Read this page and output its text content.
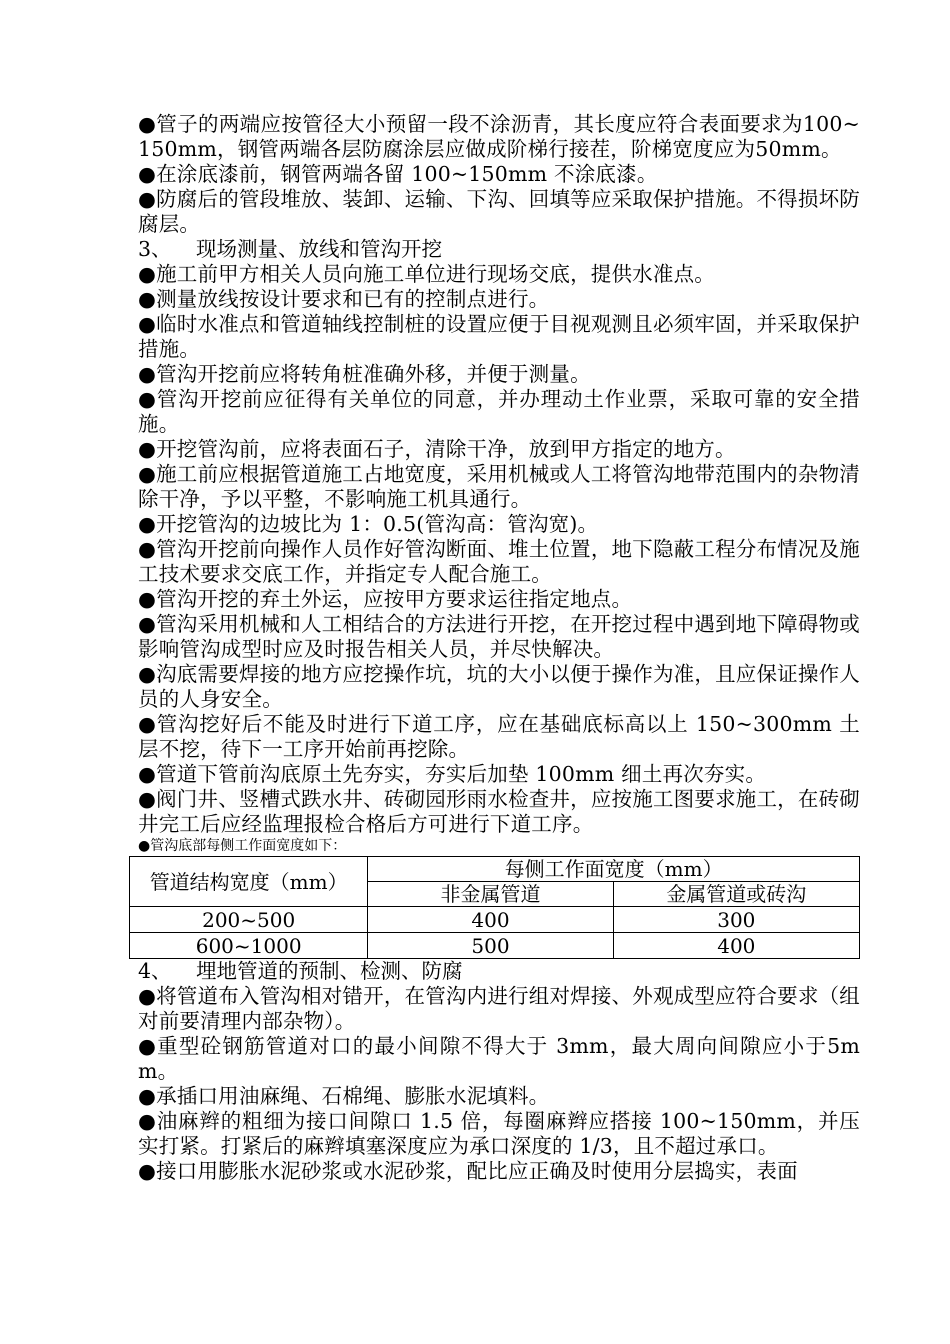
●管子的两端应按管径大小预留一段不涂沥青，其长度应符合表面要求为100~150mm，钢管两端各层防腐涂层应做成阶梯行接茬，阶梯宽度应为50mm。

●在涂底漆前，钢管两端各留 100~150mm 不涂底漆。

●防腐后的管段堆放、装卸、运输、下沟、回填等应采取保护措施。不得损坏防腐层。

3、 现场测量、放线和管沟开挖

●施工前甲方相关人员向施工单位进行现场交底，提供水准点。

●测量放线按设计要求和已有的控制点进行。

●临时水准点和管道轴线控制桩的设置应便于目视观测且必须牢固，并采取保护措施。

●管沟开挖前应将转角桩准确外移，并便于测量。

●管沟开挖前应征得有关单位的同意，并办理动土作业票，采取可靠的安全措施。

●开挖管沟前，应将表面石子，清除干净，放到甲方指定的地方。

●施工前应根据管道施工占地宽度，采用机械或人工将管沟地带范围内的杂物清除干净，予以平整，不影响施工机具通行。

●开挖管沟的边坡比为 1：0.5(管沟高：管沟宽)。

●管沟开挖前向操作人员作好管沟断面、堆土位置，地下隐蔽工程分布情况及施工技术要求交底工作，并指定专人配合施工。

●管沟开挖的弃土外运，应按甲方要求运往指定地点。

●管沟采用机械和人工相结合的方法进行开挖，在开挖过程中遇到地下障碍物或影响管沟成型时应及时报告相关人员，并尽快解决。

●沟底需要焊接的地方应挖操作坑，坑的大小以便于操作为准，且应保证操作人员的人身安全。

●管沟挖好后不能及时进行下道工序，应在基础底标高以上 150~300mm 土层不挖，待下一工序开始前再挖除。

●管道下管前沟底原土先夯实，夯实后加垫 100mm 细土再次夯实。

●阀门井、竖槽式跌水井、砖砌园形雨水检查井，应按施工图要求施工，在砖砌井完工后应经监理报检合格后方可进行下道工序。

●管沟底部每侧工作面宽度如下：

管道结构宽度（mm）	每侧工作面宽度（mm）	
	非金属管道	金属管道或砖沟
200~500	400	300
600~1000	500	400

4、 埋地管道的预制、检测、防腐

●将管道布入管沟相对错开，在管沟内进行组对焊接、外观成型应符合要求（组对前要清理内部杂物）。

●重型砼钢筋管道对口的最小间隙不得大于 3mm，最大周向间隙应小于5mm。

●承插口用油麻绳、石棉绳、膨胀水泥填料。

●油麻辫的粗细为接口间隙口 1.5 倍，每圈麻辫应搭接 100~150mm，并压实打紧。打紧后的麻辫填塞深度应为承口深度的 1/3，且不超过承口。

●接口用膨胀水泥砂浆或水泥砂浆，配比应正确及时使用分层捣实，表面
